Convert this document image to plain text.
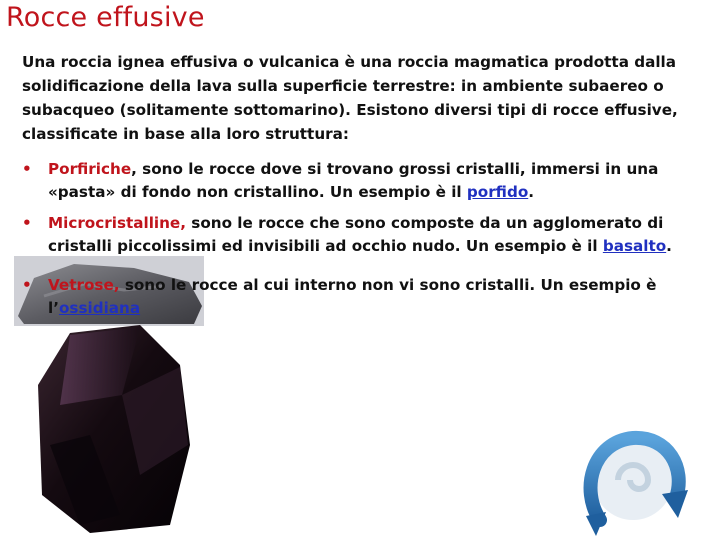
Rocce effusive
Una roccia ignea effusiva o vulcanica è una roccia magmatica prodotta dalla solidificazione della lava sulla superficie terrestre: in ambiente subaereo o subacqueo (solitamente sottomarino). Esistono diversi tipi di rocce effusive, classificate in base alla loro struttura:
• Porfiriche, sono le rocce dove si trovano grossi cristalli, immersi in una «pasta» di fondo non cristallino. Un esempio è il porfido.
• Microcristalline, sono le rocce che sono composte da un agglomerato di cristalli piccolissimi ed invisibili ad occhio nudo. Un esempio è il basalto.
• Vetrose, sono le rocce al cui interno non vi sono cristalli. Un esempio è l’ossidiana
